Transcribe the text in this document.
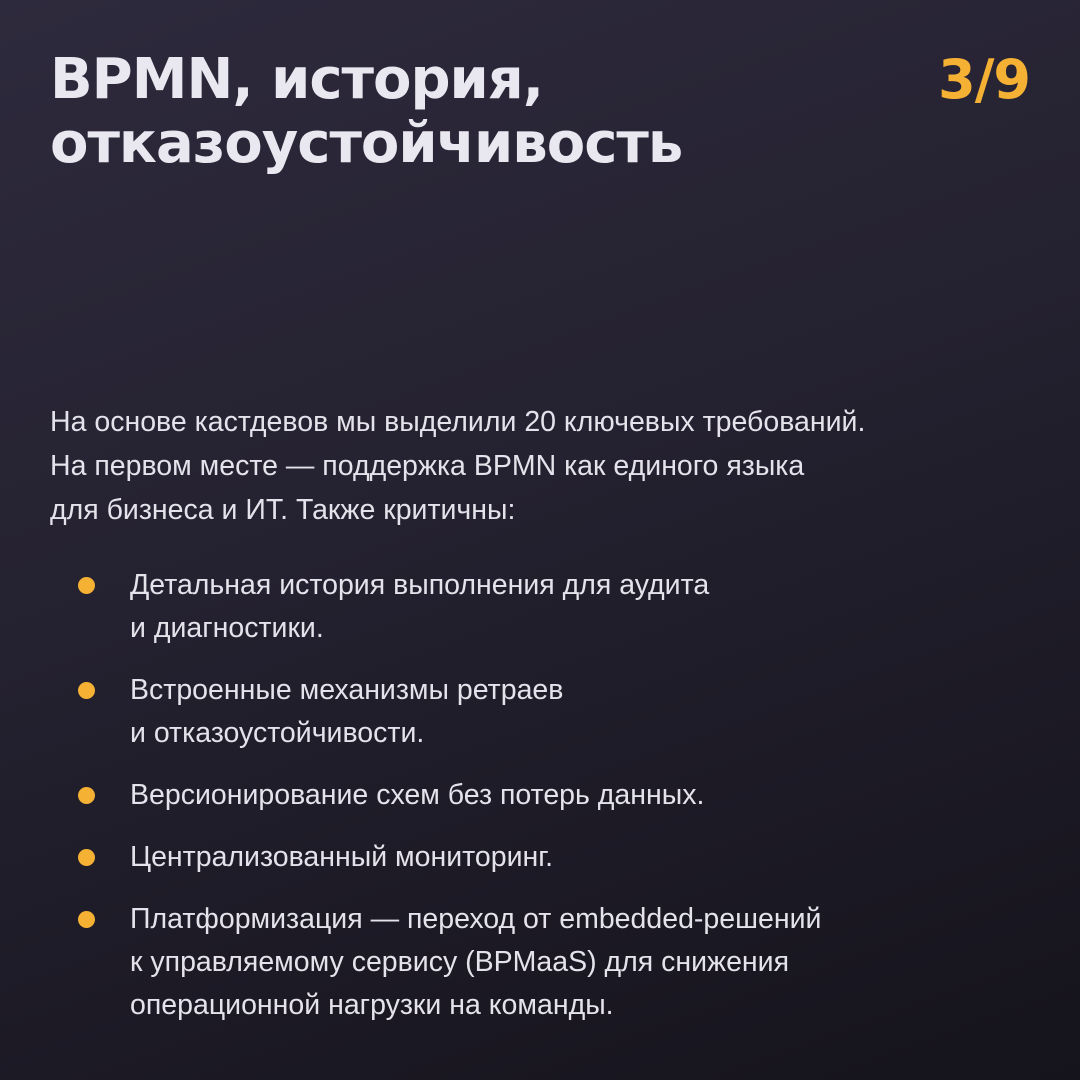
BPMN, история,
отказоустойчивость
3/9

На основе кастдевов мы выделили 20 ключевых требований.
На первом месте — поддержка BPMN как единого языка
для бизнеса и ИТ. Также критичны:

Детальная история выполнения для аудита
и диагностики.
Встроенные механизмы ретраев
и отказоустойчивости.
Версионирование схем без потерь данных.
Централизованный мониторинг.
Платформизация — переход от embedded-решений
к управляемому сервису (BPMaaS) для снижения
операционной нагрузки на команды.
